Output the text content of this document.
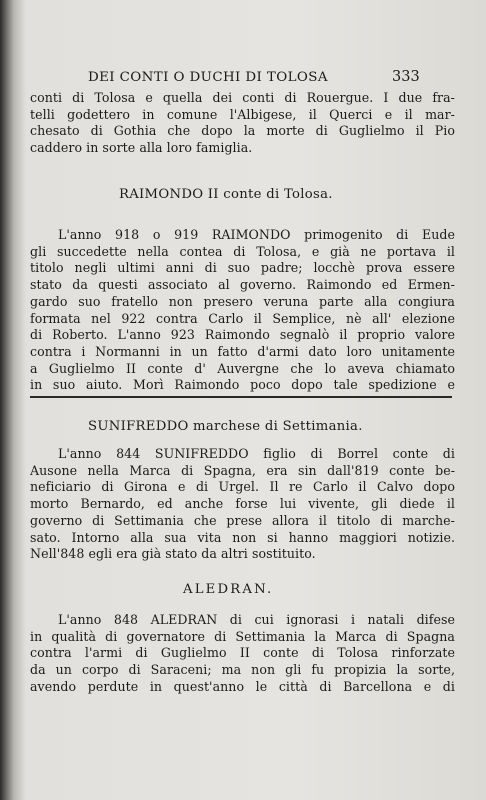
DEI CONTI O DUCHI DI TOLOSA	333
conti di Tolosa e quella dei conti di Rouergue. I due fra-
telli godettero in comune l'Albigese, il Querci e il mar-
chesato di Gothia che dopo la morte di Guglielmo il Pio
caddero in sorte alla loro famiglia.
RAIMONDO II conte di Tolosa.
L'anno 918 o 919 RAIMONDO primogenito di Eude
gli succedette nella contea di Tolosa, e già ne portava il
titolo negli ultimi anni di suo padre; locchè prova essere
stato da questi associato al governo. Raimondo ed Ermen-
gardo suo fratello non presero veruna parte alla congiura
formata nel 922 contra Carlo il Semplice, nè all' elezione
di Roberto. L'anno 923 Raimondo segnalò il proprio valore
contra i Normanni in un fatto d'armi dato loro unitamente
a Guglielmo II conte d' Auvergne che lo aveva chiamato
in suo aiuto. Morì Raimondo poco dopo tale spedizione e
SUNIFREDDO marchese di Settimania.
L'anno 844 SUNIFREDDO figlio di Borrel conte di
Ausone nella Marca di Spagna, era sin dall'819 conte be-
neficiario di Girona e di Urgel. Il re Carlo il Calvo dopo
morto Bernardo, ed anche forse lui vivente, gli diede il
governo di Settimania che prese allora il titolo di marche-
sato. Intorno alla sua vita non si hanno maggiori notizie.
Nell'848 egli era già stato da altri sostituito.
ALEDRAN.
L'anno 848 ALEDRAN di cui ignorasi i natali difese
in qualità di governatore di Settimania la Marca di Spagna
contra l'armi di Guglielmo II conte di Tolosa rinforzate
da un corpo di Saraceni; ma non gli fu propizia la sorte,
avendo perdute in quest'anno le città di Barcellona e di
